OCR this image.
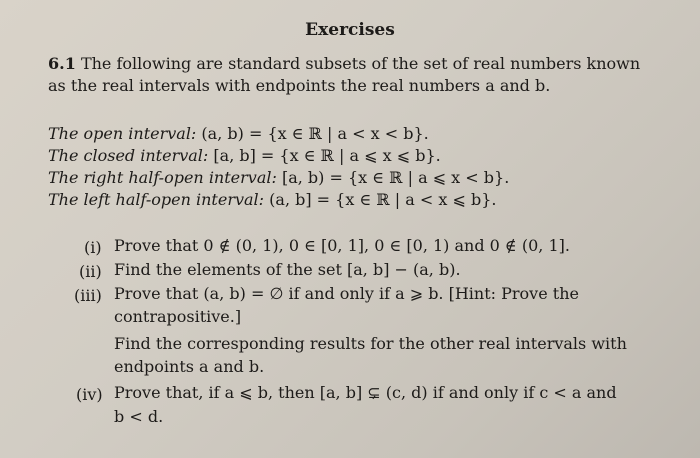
Exercises
6.1 The following are standard subsets of the set of real numbers known
as the real intervals with endpoints the real numbers a and b.
The open interval: (a, b) = {x ∈ ℝ | a < x < b}.
The closed interval: [a, b] = {x ∈ ℝ | a ⩽ x ⩽ b}.
The right half-open interval: [a, b) = {x ∈ ℝ | a ⩽ x < b}.
The left half-open interval: (a, b] = {x ∈ ℝ | a < x ⩽ b}.
(i) Prove that 0 ∉ (0, 1), 0 ∈ [0, 1], 0 ∈ [0, 1) and 0 ∉ (0, 1].
(ii) Find the elements of the set [a, b] − (a, b).
(iii) Prove that (a, b) = ∅ if and only if a ⩾ b. [Hint: Prove the
contrapositive.]
Find the corresponding results for the other real intervals with
endpoints a and b.
(iv) Prove that, if a ⩽ b, then [a, b] ⊊ (c, d) if and only if c < a and
b < d.
